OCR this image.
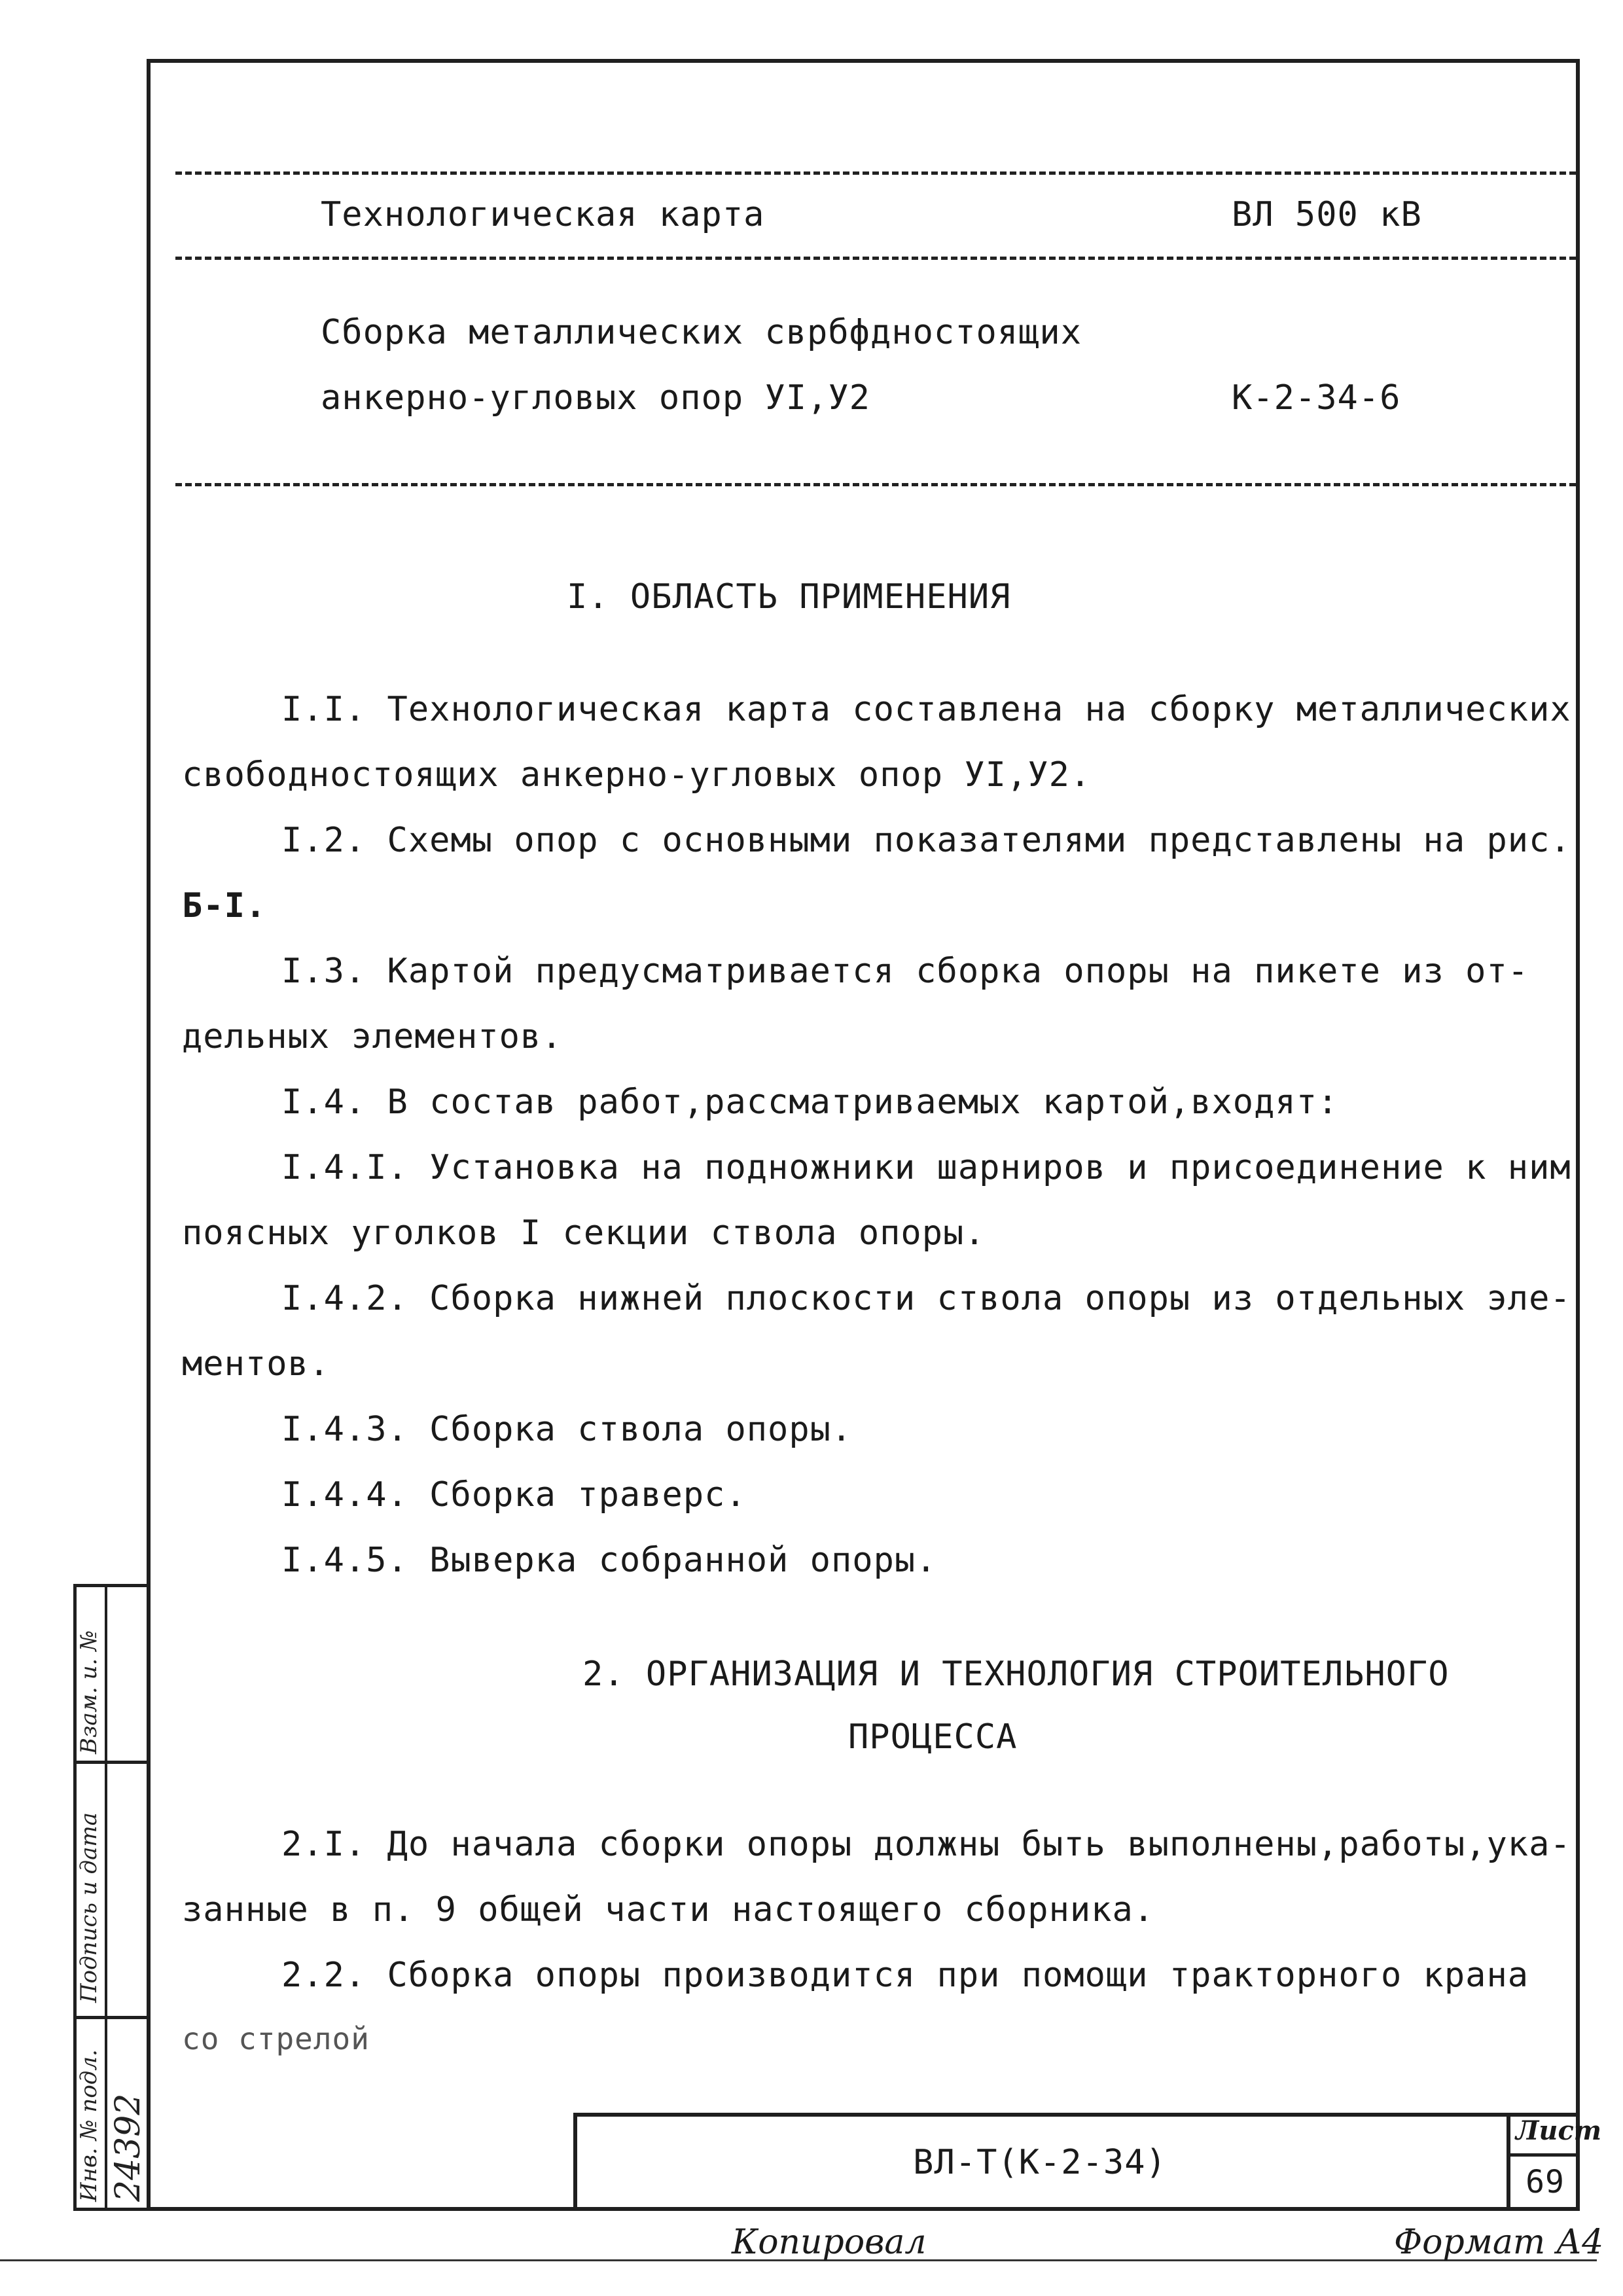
Технологическая карта	ВЛ 500 кВ
Сборка металлических сврбфдностоящих
анкерно-угловых опор УI,У2	К-2-34-6
I. ОБЛАСТЬ ПРИМЕНЕНИЯ
I.I. Технологическая карта составлена на сборку металлических
свободностоящих анкерно-угловых опор УI,У2.
I.2. Схемы опор с основными показателями представлены на рис.
Б-I.
I.3. Картой предусматривается сборка опоры на пикете из от-
дельных элементов.
I.4. В состав работ,рассматриваемых картой,входят:
I.4.I. Установка на подножники шарниров и присоединение к ним
поясных уголков I секции ствола опоры.
I.4.2. Сборка нижней плоскости ствола опоры из отдельных эле-
ментов.
I.4.3. Сборка ствола опоры.
I.4.4. Сборка траверс.
I.4.5. Выверка собранной опоры.
2. ОРГАНИЗАЦИЯ И ТЕХНОЛОГИЯ СТРОИТЕЛЬНОГО
ПРОЦЕССА
2.I. До начала сборки опоры должны быть выполнены,работы,ука-
занные в п. 9 общей части настоящего сборника.
2.2. Сборка опоры производится при помощи тракторного крана
со стрелой
Взам. и. №
Подпись и дата
Инв. № подл. 24392	ВЛ-Т(К-2-34)
Лист
69
Копировал	Формат А4
